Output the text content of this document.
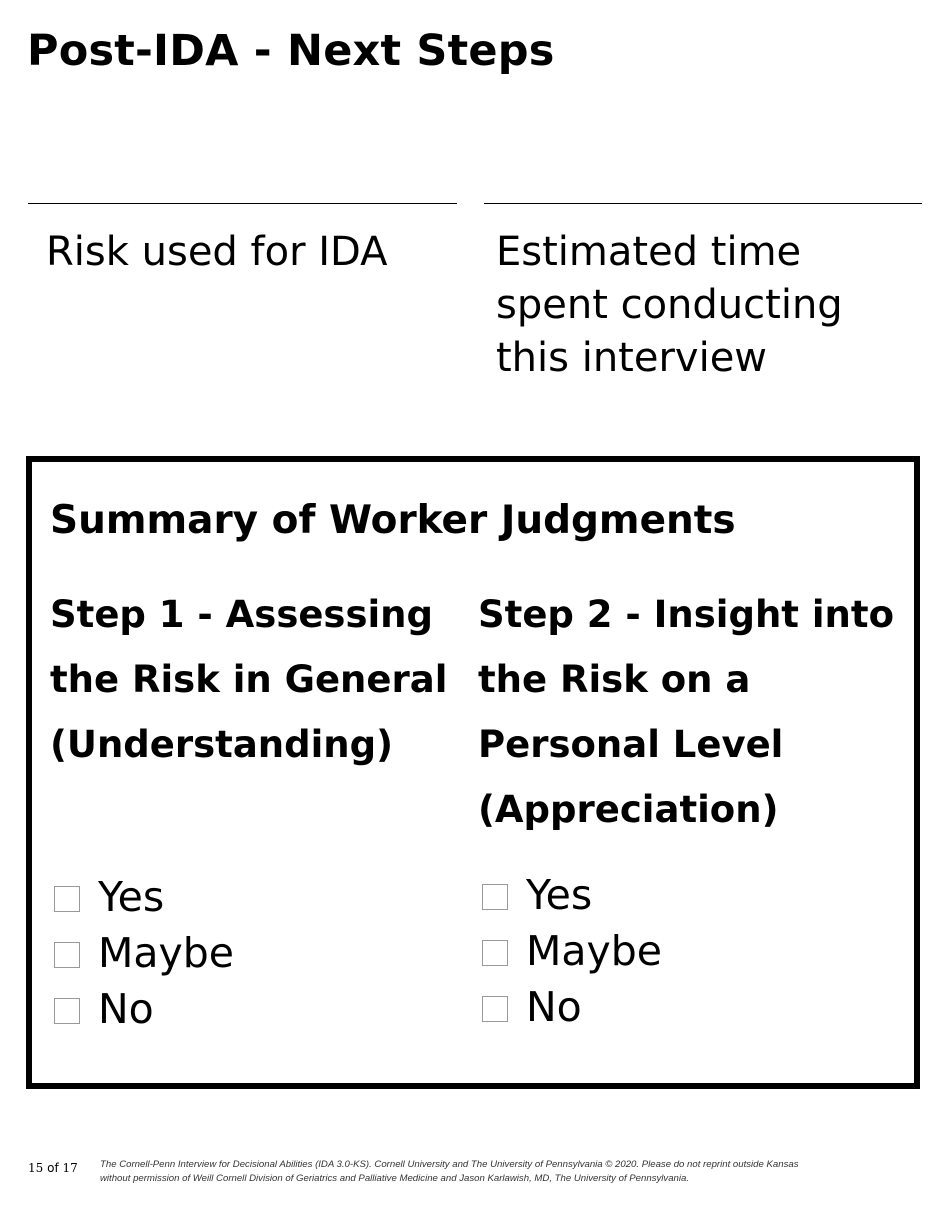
Post-IDA - Next Steps
Risk used for IDA	Estimated time spent conducting this interview
Summary of Worker Judgments
Step 1 - Assessing the Risk in General (Understanding)
Yes
Maybe
No
Step 2 - Insight into the Risk on a Personal Level (Appreciation)
Yes
Maybe
No
15 of 17 The Cornell-Penn Interview for Decisional Abilities (IDA 3.0-KS). Cornell University and The University of Pennsylvania © 2020. Please do not reprint outside Kansas without permission of Weill Cornell Division of Geriatrics and Palliative Medicine and Jason Karlawish, MD, The University of Pennsylvania.
